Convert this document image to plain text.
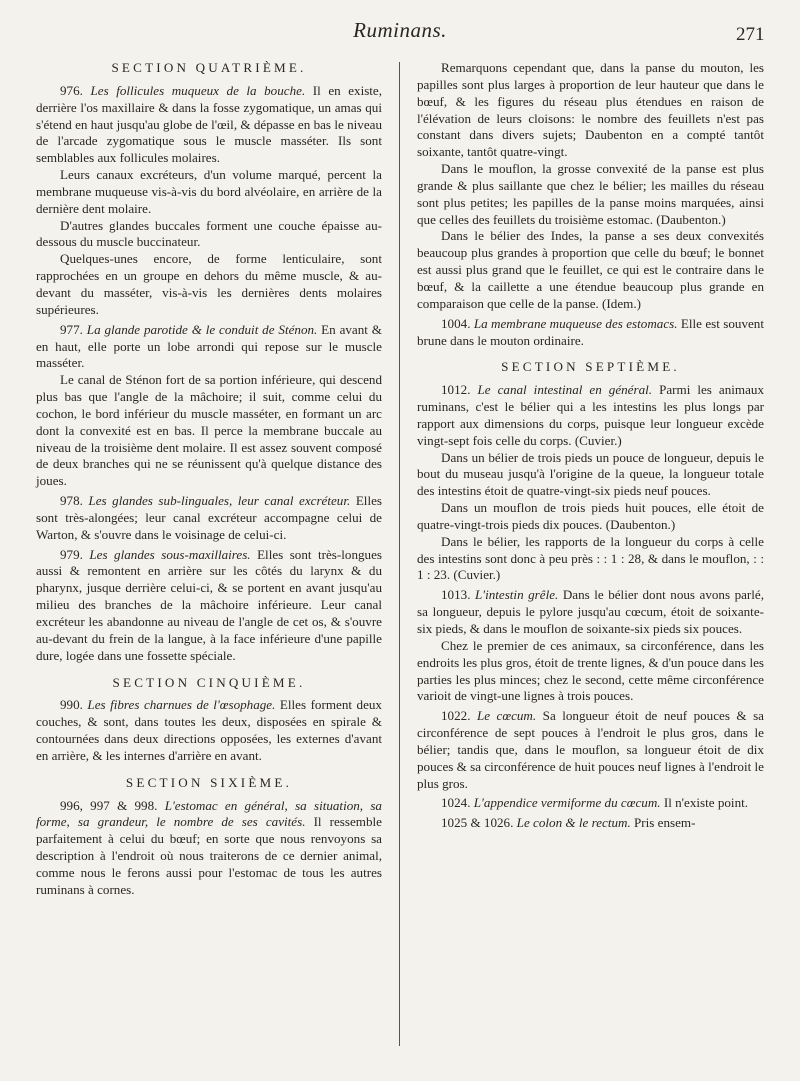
Ruminans.	271
SECTION QUATRIÈME.

976. Les follicules muqueux de la bouche. Il en existe, derrière l'os maxillaire & dans la fosse zygomatique, un amas qui s'étend en haut jusqu'au globe de l'œil, & dépasse en bas le niveau de l'arcade zygomatique sous le muscle masséter. Ils sont semblables aux follicules molaires.

Leurs canaux excréteurs, d'un volume marqué, percent la membrane muqueuse vis-à-vis du bord alvéolaire, en arrière de la dernière dent molaire.

D'autres glandes buccales forment une couche épaisse au-dessous du muscle buccinateur.

Quelques-unes encore, de forme lenticulaire, sont rapprochées en un groupe en dehors du même muscle, & au-devant du masséter, vis-à-vis les dernières dents molaires supérieures.

977. La glande parotide & le conduit de Sténon. En avant & en haut, elle porte un lobe arrondi qui repose sur le muscle masséter.

Le canal de Sténon fort de sa portion inférieure, qui descend plus bas que l'angle de la mâchoire; il suit, comme celui du cochon, le bord inférieur du muscle masséter, en formant un arc dont la convexité est en bas. Il perce la membrane buccale au niveau de la troisième dent molaire. Il est assez souvent composé de deux branches qui ne se réunissent qu'à quelque distance des joues.

978. Les glandes sub-linguales, leur canal excréteur. Elles sont très-alongées; leur canal excréteur accompagne celui de Warton, & s'ouvre dans le voisinage de celui-ci.

979. Les glandes sous-maxillaires. Elles sont très-longues aussi & remontent en arrière sur les côtés du larynx & du pharynx, jusque derrière celui-ci, & se portent en avant jusqu'au milieu des branches de la mâchoire inférieure. Leur canal excréteur les abandonne au niveau de l'angle de cet os, & s'ouvre au-devant du frein de la langue, à la face inférieure d'une papille dure, logée dans une fossette spéciale.

SECTION CINQUIÈME.

990. Les fibres charnues de l'œsophage. Elles forment deux couches, & sont, dans toutes les deux, disposées en spirale & contournées dans deux directions opposées, les externes d'avant en arrière, & les internes d'arrière en avant.

SECTION SIXIÈME.

996, 997 & 998. L'estomac en général, sa situation, sa forme, sa grandeur, le nombre de ses cavités. Il ressemble parfaitement à celui du bœuf; en sorte que nous renvoyons sa description à l'endroit où nous traiterons de ce dernier animal, comme nous le ferons aussi pour l'estomac de tous les autres ruminans à cornes.

Remarquons cependant que, dans la panse du mouton, les papilles sont plus larges à proportion de leur hauteur que dans le bœuf, & les figures du réseau plus étendues en raison de l'élévation de leurs cloisons: le nombre des feuillets n'est pas constant dans divers sujets; Daubenton en a compté tantôt soixante, tantôt quatre-vingt.

Dans le mouflon, la grosse convexité de la panse est plus grande & plus saillante que chez le bélier; les mailles du réseau sont plus petites; les papilles de la panse moins marquées, ainsi que celles des feuillets du troisième estomac. (Daubenton.)

Dans le bélier des Indes, la panse a ses deux convexités beaucoup plus grandes à proportion que celle du bœuf; le bonnet est aussi plus grand que le feuillet, ce qui est le contraire dans le bœuf, & la caillette a une étendue beaucoup plus grande en comparaison que celle de la panse. (Idem.)

1004. La membrane muqueuse des estomacs. Elle est souvent brune dans le mouton ordinaire.

SECTION SEPTIÈME.

1012. Le canal intestinal en général. Parmi les animaux ruminans, c'est le bélier qui a les intestins les plus longs par rapport aux dimensions du corps, puisque leur longueur excède vingt-sept fois celle du corps. (Cuvier.)

Dans un bélier de trois pieds un pouce de longueur, depuis le bout du museau jusqu'à l'origine de la queue, la longueur totale des intestins étoit de quatre-vingt-six pieds neuf pouces.

Dans un mouflon de trois pieds huit pouces, elle étoit de quatre-vingt-trois pieds dix pouces. (Daubenton.)

Dans le bélier, les rapports de la longueur du corps à celle des intestins sont donc à peu près : : 1 : 28, & dans le mouflon, : : 1 : 23. (Cuvier.)

1013. L'intestin grêle. Dans le bélier dont nous avons parlé, sa longueur, depuis le pylore jusqu'au cœcum, étoit de soixante-six pieds, & dans le mouflon de soixante-six pieds six pouces.

Chez le premier de ces animaux, sa circonférence, dans les endroits les plus gros, étoit de trente lignes, & d'un pouce dans les parties les plus minces; chez le second, cette même circonférence varioit de vingt-une lignes à trois pouces.

1022. Le cœcum. Sa longueur étoit de neuf pouces & sa circonférence de sept pouces à l'endroit le plus gros, dans le bélier; tandis que, dans le mouflon, sa longueur étoit de dix pouces & sa circonférence de huit pouces neuf lignes à l'endroit le plus gros.

1024. L'appendice vermiforme du cœcum. Il n'existe point.

1025 & 1026. Le colon & le rectum. Pris ensem-
